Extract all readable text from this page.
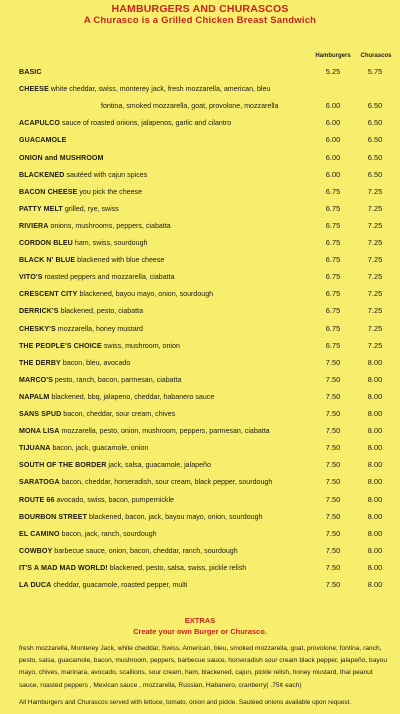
HAMBURGERS AND CHURASCOS
A Churasco is a Grilled Chicken Breast Sandwich
Hamburgers	Churascos
BASIC	5.25	5.75
CHEESE white cheddar, swiss, monterey jack, fresh mozzarella, american, bleu
fontina, smoked mozzarella, goat, provolone, mozzarella	6.00	6.50
ACAPULCO sauce of roasted onions, jalapenos, garlic and cilantro	6.00	6.50
GUACAMOLE	6.00	6.50
ONION and MUSHROOM	6.00	6.50
BLACKENED sautéed with cajun spices	6.00	6.50
BACON CHEESE you pick the cheese	6.75	7.25
PATTY MELT grilled, rye, swiss	6.75	7.25
RIVIERA onions, mushrooms, peppers, ciabatta	6.75	7.25
CORDON BLEU ham, swiss, sourdough	6.75	7.25
BLACK N' BLUE blackened with blue cheese	6.75	7.25
VITO'S roasted peppers and mozzarella, ciabatta	6.75	7.25
CRESCENT CITY blackened, bayou mayo, onion, sourdough	6.75	7.25
DERRICK'S blackened, pesto, ciabatta	6.75	7.25
CHESKY'S mozzarella, honey mustard	6.75	7.25
THE PEOPLE'S CHOICE swiss, mushroom, onion	6.75	7.25
THE DERBY bacon, bleu, avocado	7.50	8.00
MARCO'S pesto, ranch, bacon, parmesan, ciabatta	7.50	8.00
NAPALM blackened, bbq, jalapeno, cheddar, habanero sauce	7.50	8.00
SANS SPUD bacon, cheddar, sour cream, chives	7.50	8.00
MONA LISA mozzarella, pesto, onion, mushroom, peppers, parmesan, ciabatta	7.50	8.00
TIJUANA bacon, jack, guacamole, onion	7.50	8.00
SOUTH OF THE BORDER jack, salsa, guacamole, jalapeño	7.50	8.00
SARATOGA bacon, cheddar, horseradish, sour cream, black pepper, sourdough	7.50	8.00
ROUTE 66 avocado, swiss, bacon, pumpernickle	7.50	8.00
BOURBON STREET blackened, bacon, jack, bayou mayo, onion, sourdough	7.50	8.00
EL CAMINO bacon, jack, ranch, sourdough	7.50	8.00
COWBOY barbecue sauce, onion, bacon, cheddar, ranch, sourdough	7.50	8.00
IT'S A MAD MAD WORLD! blackened, pesto, salsa, swiss, pickle relish	7.50	8.00
LA DUCA cheddar, guacamole, roasted pepper, multi	7.50	8.00
EXTRAS
Create your own Burger or Churasco.
fresh mozzarella, Monterey Jack, white cheddar, Swiss, American, bleu, smoked mozzarella, goat, provolone, fontina, ranch, pesto, salsa, guacamole, bacon, mushroom, peppers, barbecue sauce, horseradish sour cream black pepper, jalapeño, bayou mayo, chives, marinara, avocado, scallions, sour cream, ham, blackened, cajun, pickle relish, honey mustard, thai peanut sauce, roasted peppers , Mexican sauce , mozzarella, Russian, Habanero, cranberry( .75¢ each)
All Hamburgers and Churascos served with lettuce, tomato, onion and pickle. Sautéed onions available upon request.
